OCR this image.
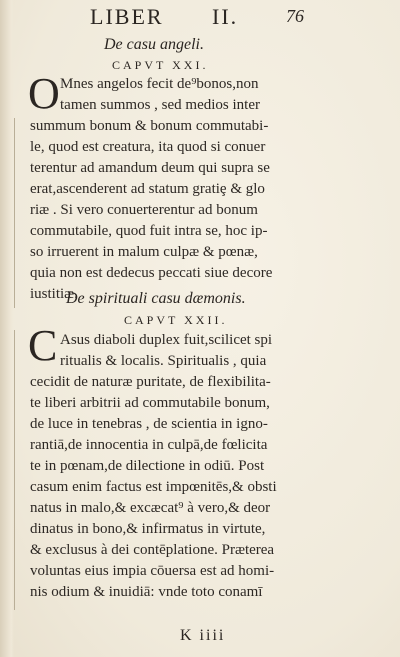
LIBER II.	76
De casu angeli.
CAPVT XXI.
O Mnes angelos fecit de⁹bonos,non
tamen summos , sed medios inter
summum bonum & bonum commutabi-
le, quod est creatura, ita quod si conuer
terentur ad amandum deum qui supra se
erat,ascenderent ad statum gratiȩ & glo
riæ . Si vero conuerterentur ad bonum
commutabile, quod fuit intra se, hoc ip-
so irruerent in malum culpæ & pœnæ,
quia non est dedecus peccati siue decore
iustitiæ.
De spirituali casu dæmonis.
CAPVT XXII.
C Asus diaboli duplex fuit,scilicet spi
ritualis & localis. Spiritualis , quia
cecidit de naturæ puritate, de flexibilita-
te liberi arbitrii ad commutabile bonum,
de luce in tenebras , de scientia in igno-
rantiā,de innocentia in culpā,de fœlicita
te in pœnam,de dilectione in odiū. Post
casum enim factus est impœnitēs,& obsti
natus in malo,& excæcat⁹ à vero,& deor
dinatus in bono,& infirmatus in virtute,
& exclusus à dei contēplatione. Præterea
voluntas eius impia cōuersa est ad homi-
nis odium & inuidiā: vnde toto conamī
K iiii
